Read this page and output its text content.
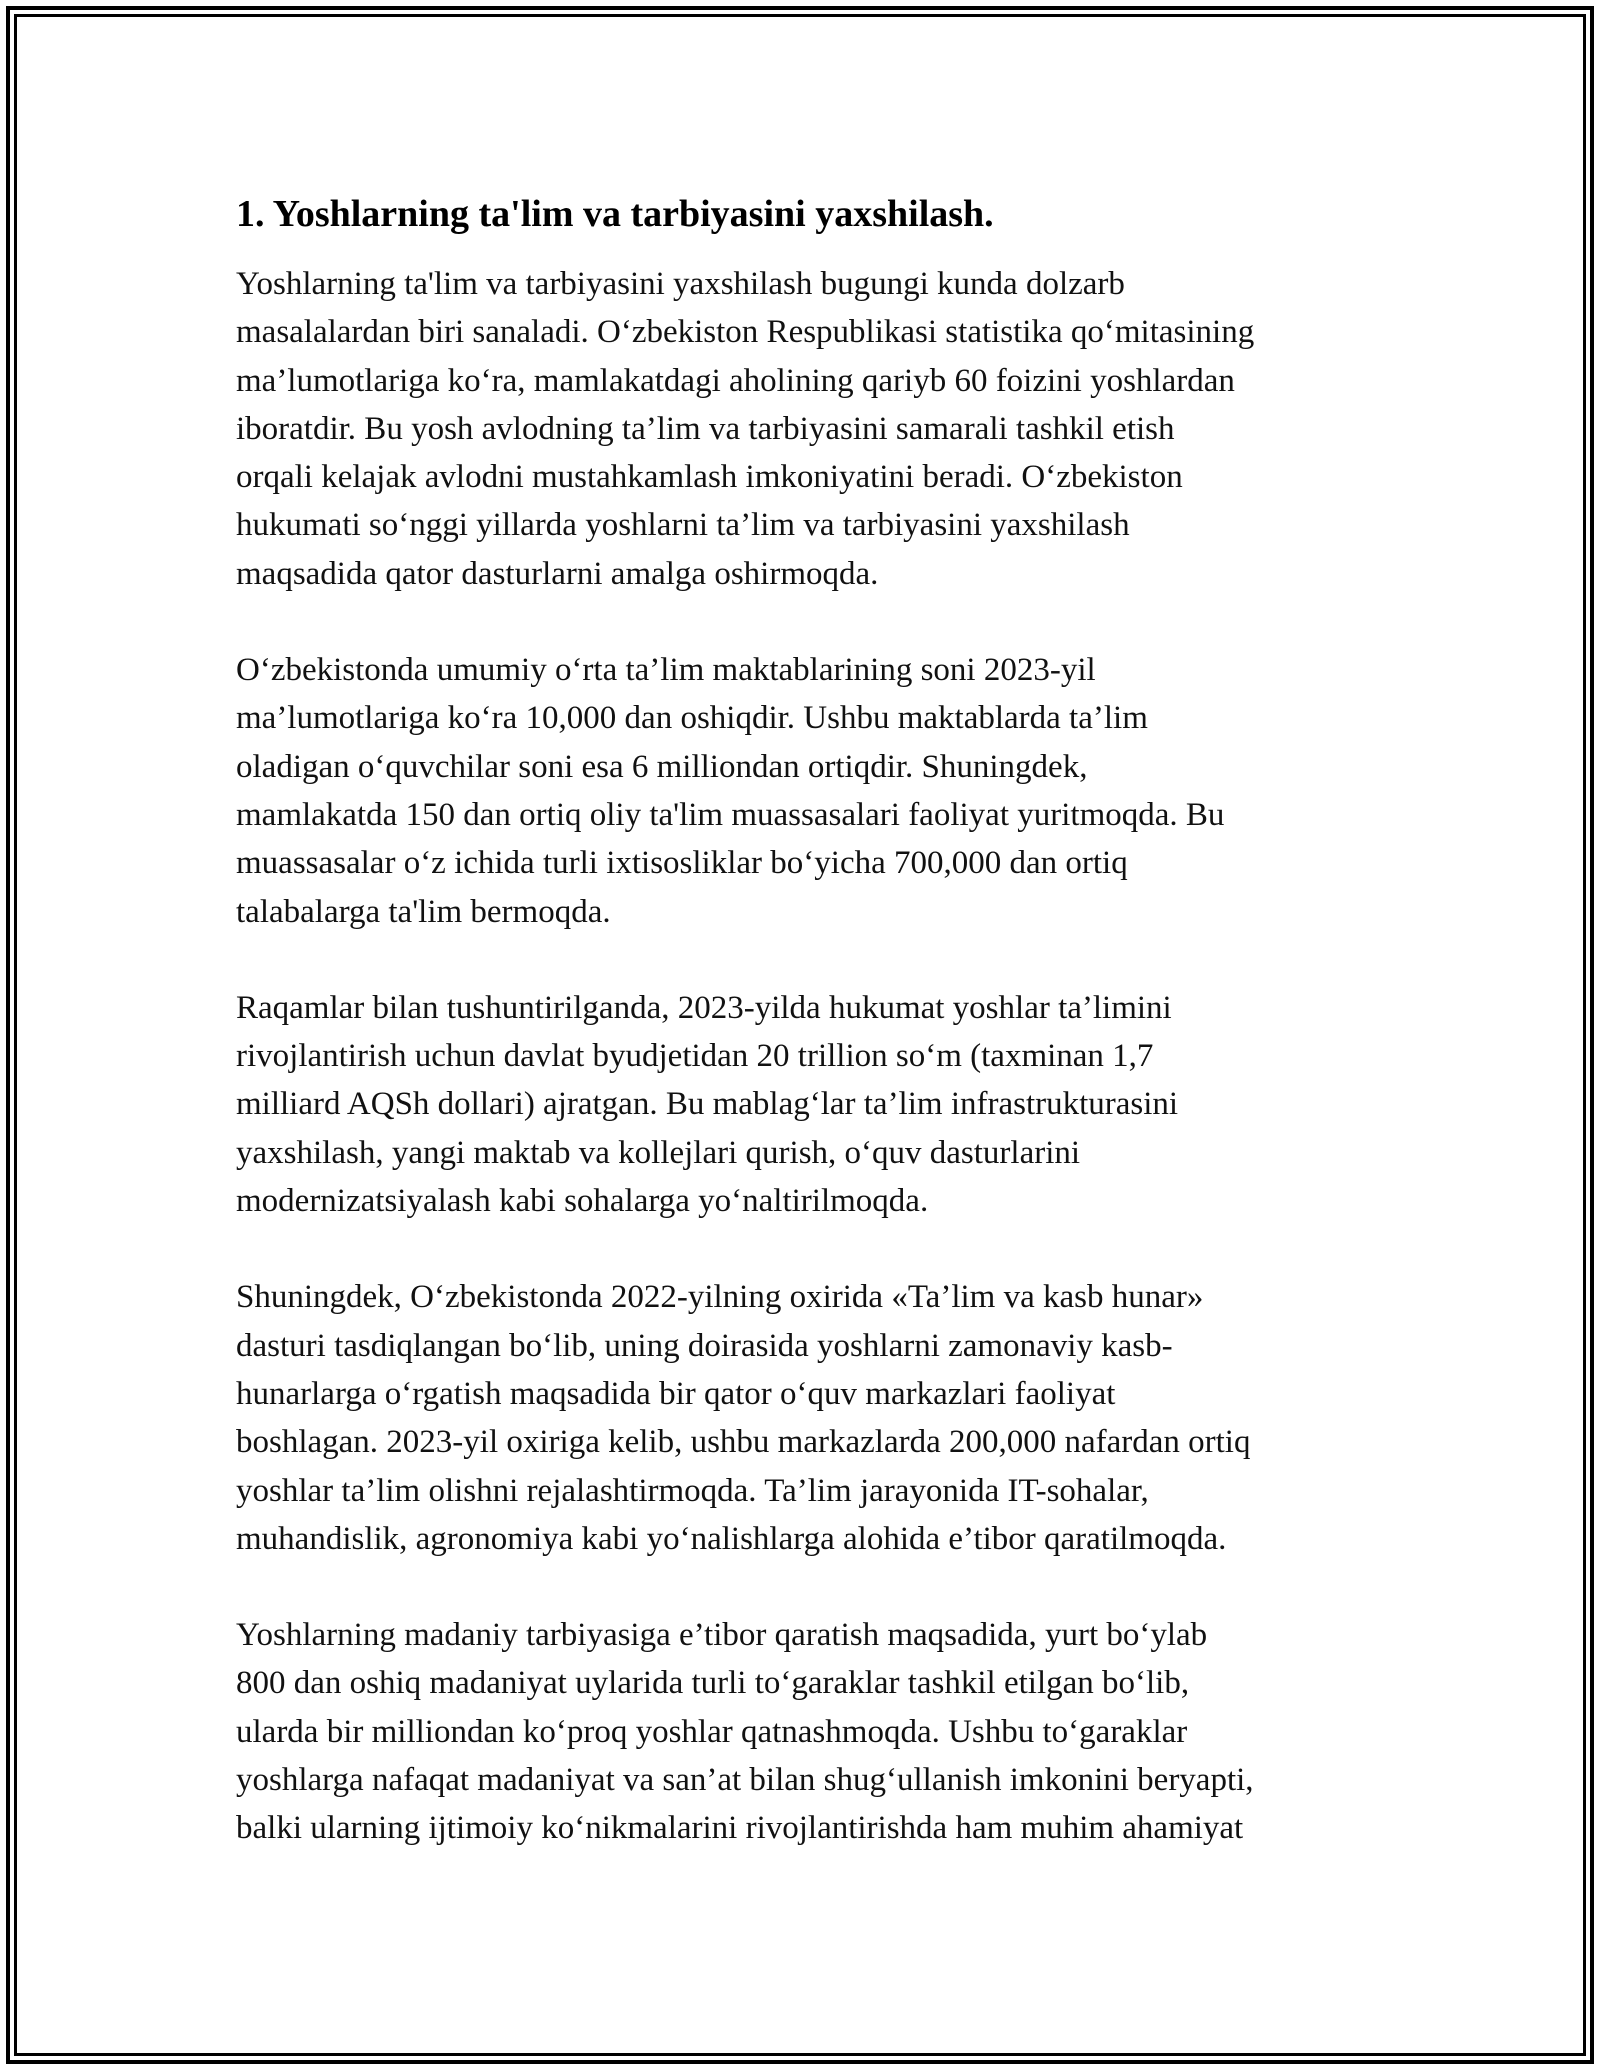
1. Yoshlarning ta'lim va tarbiyasini yaxshilash.

Yoshlarning ta'lim va tarbiyasini yaxshilash bugungi kunda dolzarb
masalalardan biri sanaladi. O‘zbekiston Respublikasi statistika qo‘mitasining
ma’lumotlariga ko‘ra, mamlakatdagi aholining qariyb 60 foizini yoshlardan
iboratdir. Bu yosh avlodning ta’lim va tarbiyasini samarali tashkil etish
orqali kelajak avlodni mustahkamlash imkoniyatini beradi. O‘zbekiston
hukumati so‘nggi yillarda yoshlarni ta’lim va tarbiyasini yaxshilash
maqsadida qator dasturlarni amalga oshirmoqda.

O‘zbekistonda umumiy o‘rta ta’lim maktablarining soni 2023-yil
ma’lumotlariga ko‘ra 10,000 dan oshiqdir. Ushbu maktablarda ta’lim
oladigan o‘quvchilar soni esa 6 milliondan ortiqdir. Shuningdek,
mamlakatda 150 dan ortiq oliy ta'lim muassasalari faoliyat yuritmoqda. Bu
muassasalar o‘z ichida turli ixtisosliklar bo‘yicha 700,000 dan ortiq
talabalarga ta'lim bermoqda.

Raqamlar bilan tushuntirilganda, 2023-yilda hukumat yoshlar ta’limini
rivojlantirish uchun davlat byudjetidan 20 trillion so‘m (taxminan 1,7
milliard AQSh dollari) ajratgan. Bu mablag‘lar ta’lim infrastrukturasini
yaxshilash, yangi maktab va kollejlari qurish, o‘quv dasturlarini
modernizatsiyalash kabi sohalarga yo‘naltirilmoqda.

Shuningdek, O‘zbekistonda 2022-yilning oxirida «Ta’lim va kasb hunar»
dasturi tasdiqlangan bo‘lib, uning doirasida yoshlarni zamonaviy kasb-
hunarlarga o‘rgatish maqsadida bir qator o‘quv markazlari faoliyat
boshlagan. 2023-yil oxiriga kelib, ushbu markazlarda 200,000 nafardan ortiq
yoshlar ta’lim olishni rejalashtirmoqda. Ta’lim jarayonida IT-sohalar,
muhandislik, agronomiya kabi yo‘nalishlarga alohida e’tibor qaratilmoqda.

Yoshlarning madaniy tarbiyasiga e’tibor qaratish maqsadida, yurt bo‘ylab
800 dan oshiq madaniyat uylarida turli to‘garaklar tashkil etilgan bo‘lib,
ularda bir milliondan ko‘proq yoshlar qatnashmoqda. Ushbu to‘garaklar
yoshlarga nafaqat madaniyat va san’at bilan shug‘ullanish imkonini beryapti,
balki ularning ijtimoiy ko‘nikmalarini rivojlantirishda ham muhim ahamiyat
